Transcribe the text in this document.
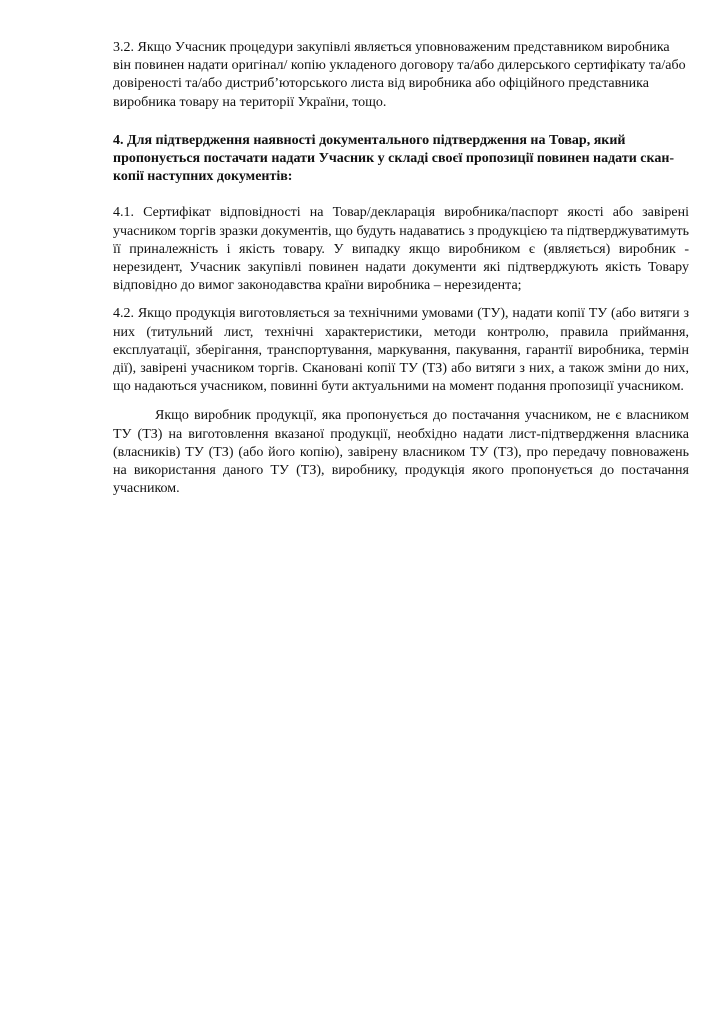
3.2. Якщо Учасник процедури закупівлі являється уповноваженим представником виробника він повинен надати оригінал/ копію укладеного договору та/або дилерського сертифікату та/або довіреності та/або дистриб’юторського листа від виробника або офіційного представника виробника товару на території України, тощо.

4. Для підтвердження наявності документального підтвердження на Товар, який пропонується постачати надати Учасник у складі своєї пропозиції повинен надати скан- копії наступних документів:

4.1. Сертифікат відповідності на Товар/декларація виробника/паспорт якості або завірені учасником торгів зразки документів, що будуть надаватись з продукцією та підтверджуватимуть її приналежність і якість товару. У випадку якщо виробником є (являється) виробник - нерезидент, Учасник закупівлі повинен надати документи які підтверджують якість Товару відповідно до вимог законодавства країни виробника – нерезидента;

4.2. Якщо продукція виготовляється за технічними умовами (ТУ), надати копії ТУ (або витяги з них (титульний лист, технічні характеристики, методи контролю, правила приймання, експлуатації, зберігання, транспортування, маркування, пакування, гарантії виробника, термін дії), завірені учасником торгів. Скановані копії ТУ (ТЗ) або витяги з них, а також зміни до них, що надаються учасником, повинні бути актуальними на момент подання пропозиції учасником.

Якщо виробник продукції, яка пропонується до постачання учасником, не є власником ТУ (ТЗ) на виготовлення вказаної продукції, необхідно надати лист-підтвердження власника (власників) ТУ (ТЗ) (або його копію), завірену власником ТУ (ТЗ), про передачу повноважень на використання даного ТУ (ТЗ), виробнику, продукція якого пропонується до постачання учасником.
